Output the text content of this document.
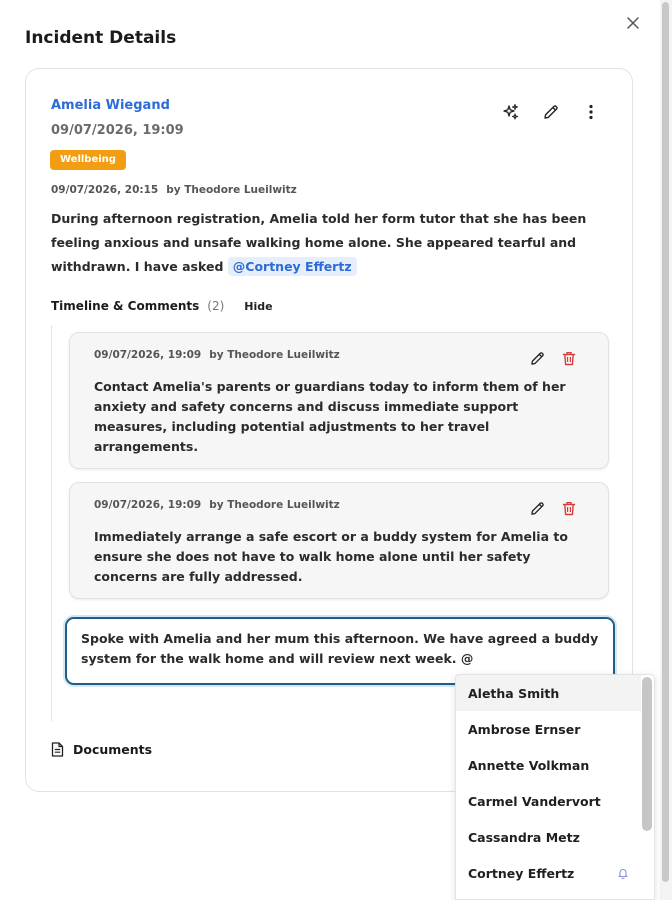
Incident Details
Amelia Wiegand
09/07/2026, 19:09
Wellbeing
09/07/2026, 20:15 by Theodore Lueilwitz
During afternoon registration, Amelia told her form tutor that she has been feeling anxious and unsafe walking home alone. She appeared tearful and withdrawn. I have asked @Cortney Effertz
Timeline & Comments (2) Hide
09/07/2026, 19:09 by Theodore Lueilwitz
Contact Amelia's parents or guardians today to inform them of her anxiety and safety concerns and discuss immediate support measures, including potential adjustments to her travel arrangements.
09/07/2026, 19:09 by Theodore Lueilwitz
Immediately arrange a safe escort or a buddy system for Amelia to ensure she does not have to walk home alone until her safety concerns are fully addressed.
Spoke with Amelia and her mum this afternoon. We have agreed a buddy system for the walk home and will review next week. @
Documents
Aletha Smith
Ambrose Ernser
Annette Volkman
Carmel Vandervort
Cassandra Metz
Cortney Effertz
